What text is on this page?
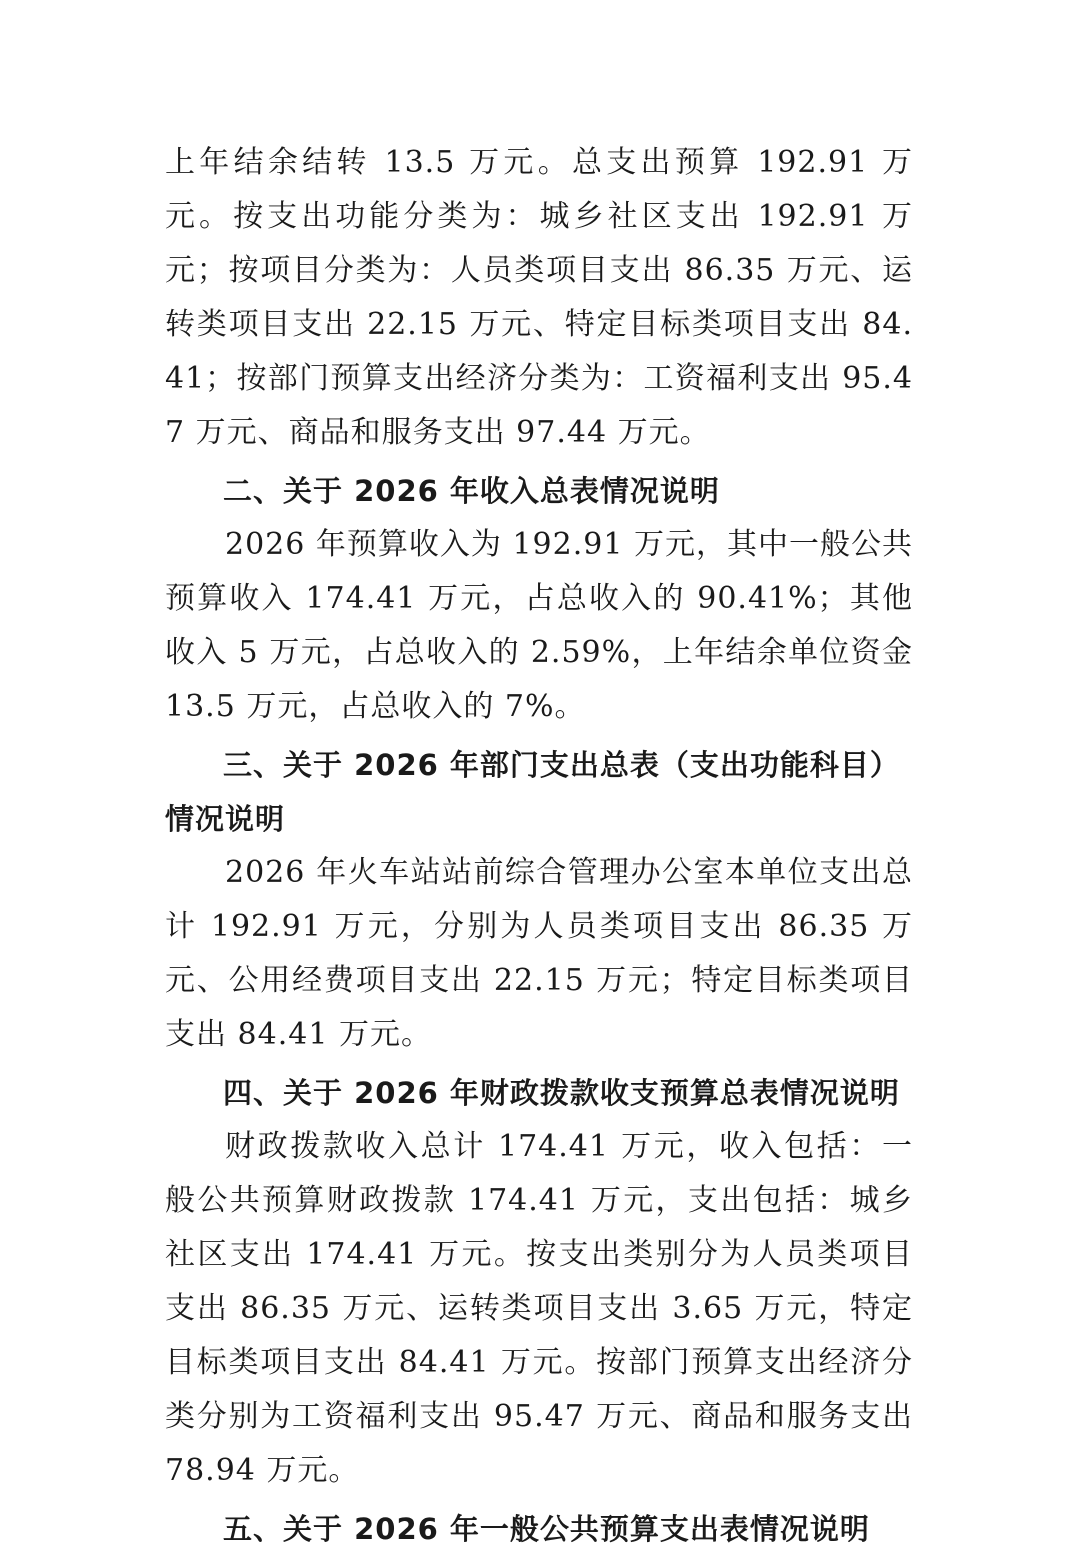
上年结余结转 13.5 万元。总支出预算 192.91 万元。按支出功能分类为：城乡社区支出 192.91 万元；按项目分类为：人员类项目支出 86.35 万元、运转类项目支出 22.15 万元、特定目标类项目支出 84.41；按部门预算支出经济分类为：工资福利支出 95.47 万元、商品和服务支出 97.44 万元。

二、关于 2026 年收入总表情况说明

2026 年预算收入为 192.91 万元，其中一般公共预算收入 174.41 万元，占总收入的 90.41%；其他收入 5 万元，占总收入的 2.59%，上年结余单位资金 13.5 万元，占总收入的 7%。

三、关于 2026 年部门支出总表（支出功能科目）情况说明

2026 年火车站站前综合管理办公室本单位支出总计 192.91 万元，分别为人员类项目支出 86.35 万元、公用经费项目支出 22.15 万元；特定目标类项目支出 84.41 万元。

四、关于 2026 年财政拨款收支预算总表情况说明

财政拨款收入总计 174.41 万元，收入包括：一般公共预算财政拨款 174.41 万元，支出包括：城乡社区支出 174.41 万元。按支出类别分为人员类项目支出 86.35 万元、运转类项目支出 3.65 万元，特定目标类项目支出 84.41 万元。按部门预算支出经济分类分别为工资福利支出 95.47 万元、商品和服务支出 78.94 万元。

五、关于 2026 年一般公共预算支出表情况说明
